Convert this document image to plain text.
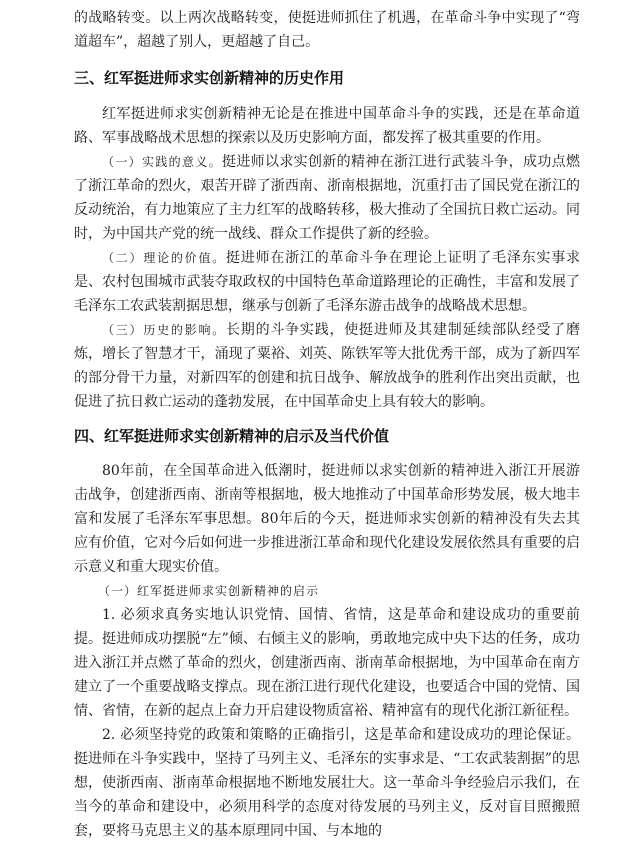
的战略转变。以上两次战略转变，使挺进师抓住了机遇，在革命斗争中实现了“弯道超车”，超越了别人，更超越了自己。

三、红军挺进师求实创新精神的历史作用

红军挺进师求实创新精神无论是在推进中国革命斗争的实践，还是在革命道路、军事战略战术思想的探索以及历史影响方面，都发挥了极其重要的作用。

（一）实践的意义。挺进师以求实创新的精神在浙江进行武装斗争，成功点燃了浙江革命的烈火，艰苦开辟了浙西南、浙南根据地，沉重打击了国民党在浙江的反动统治，有力地策应了主力红军的战略转移，极大推动了全国抗日救亡运动。同时，为中国共产党的统一战线、群众工作提供了新的经验。

（二）理论的价值。挺进师在浙江的革命斗争在理论上证明了毛泽东实事求是、农村包围城市武装夺取政权的中国特色革命道路理论的正确性，丰富和发展了毛泽东工农武装割据思想，继承与创新了毛泽东游击战争的战略战术思想。

（三）历史的影响。长期的斗争实践，使挺进师及其建制延续部队经受了磨炼，增长了智慧才干，涌现了粟裕、刘英、陈铁军等大批优秀干部，成为了新四军的部分骨干力量，对新四军的创建和抗日战争、解放战争的胜利作出突出贡献，也促进了抗日救亡运动的蓬勃发展，在中国革命史上具有较大的影响。

四、红军挺进师求实创新精神的启示及当代价值

80年前，在全国革命进入低潮时，挺进师以求实创新的精神进入浙江开展游击战争，创建浙西南、浙南等根据地，极大地推动了中国革命形势发展，极大地丰富和发展了毛泽东军事思想。80年后的今天，挺进师求实创新的精神没有失去其应有价值，它对今后如何进一步推进浙江革命和现代化建设发展依然具有重要的启示意义和重大现实价值。

（一）红军挺进师求实创新精神的启示

1. 必须求真务实地认识党情、国情、省情，这是革命和建设成功的重要前提。挺进师成功摆脱“左”倾、右倾主义的影响，勇敢地完成中央下达的任务，成功进入浙江并点燃了革命的烈火，创建浙西南、浙南革命根据地，为中国革命在南方建立了一个重要战略支撑点。现在浙江进行现代化建设，也要适合中国的党情、国情、省情，在新的起点上奋力开启建设物质富裕、精神富有的现代化浙江新征程。

2. 必须坚持党的政策和策略的正确指引，这是革命和建设成功的理论保证。挺进师在斗争实践中，坚持了马列主义、毛泽东的实事求是、“工农武装割据”的思想，使浙西南、浙南革命根据地不断地发展壮大。这一革命斗争经验启示我们，在当今的革命和建设中，必须用科学的态度对待发展的马列主义，反对盲目照搬照套，要将马克思主义的基本原理同中国、与本地的
